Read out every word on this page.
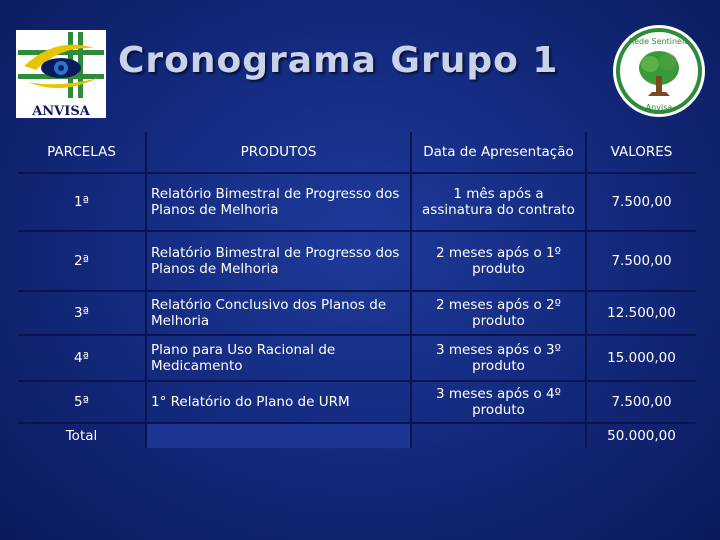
ANVISA
Cronograma Grupo 1	Rede Sentinela
Anvisa
PARCELAS	PRODUTOS	Data de Apresentação	VALORES
1ª	Relatório Bimestral de Progresso dos Planos de Melhoria	1 mês após a assinatura do contrato	7.500,00
2ª	Relatório Bimestral de Progresso dos Planos de Melhoria	2 meses após o 1º produto	7.500,00
3ª	Relatório Conclusivo dos Planos de Melhoria	2 meses após o 2º produto	12.500,00
4ª	Plano para Uso Racional de Medicamento	3 meses após o 3º produto	15.000,00
5ª	1° Relatório do Plano de URM	3 meses após o 4º produto	7.500,00
Total			50.000,00
